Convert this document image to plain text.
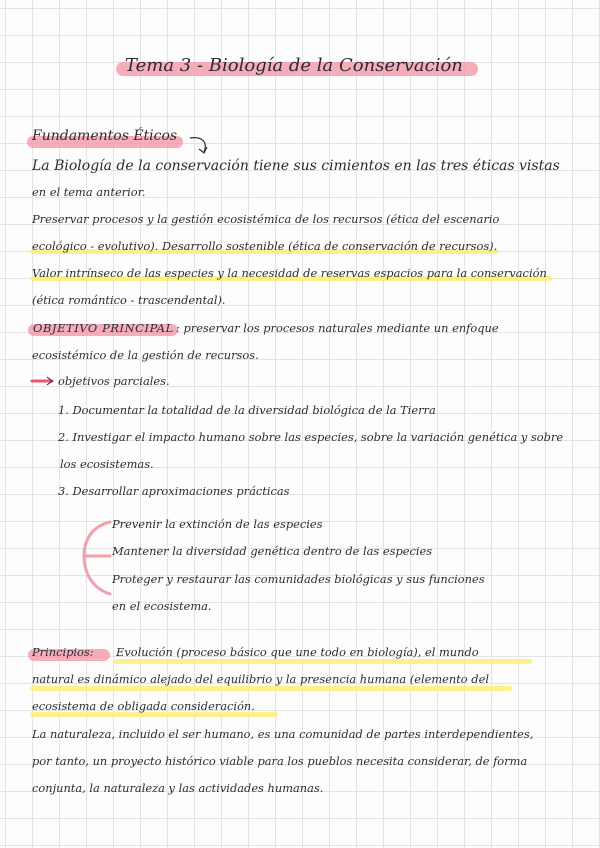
Tema 3 - Biología de la Conservación
Fundamentos Éticos
La Biología de la conservación tiene sus cimientos en las tres éticas vistas
en el tema anterior.
Preservar procesos y la gestión ecosistémica de los recursos (ética del escenario
ecológico - evolutivo). Desarrollo sostenible (ética de conservación de recursos).
Valor intrínseco de las especies y la necesidad de reservas espacios para la conservación
(ética romántico - trascendental).
OBJETIVO PRINCIPAL : preservar los procesos naturales mediante un enfoque
ecosistémico de la gestión de recursos.
objetivos parciales.
1. Documentar la totalidad de la diversidad biológica de la Tierra
2. Investigar el impacto humano sobre las especies, sobre la variación genética y sobre
los ecosistemas.
3. Desarrollar aproximaciones prácticas
Prevenir la extinción de las especies
Mantener la diversidad genética dentro de las especies
Proteger y restaurar las comunidades biológicas y sus funciones
en el ecosistema.
Principios: Evolución (proceso básico que une todo en biología), el mundo
natural es dinámico alejado del equilibrio y la presencia humana (elemento del
ecosistema de obligada consideración.
La naturaleza, incluido el ser humano, es una comunidad de partes interdependientes,
por tanto, un proyecto histórico viable para los pueblos necesita considerar, de forma
conjunta, la naturaleza y las actividades humanas.
